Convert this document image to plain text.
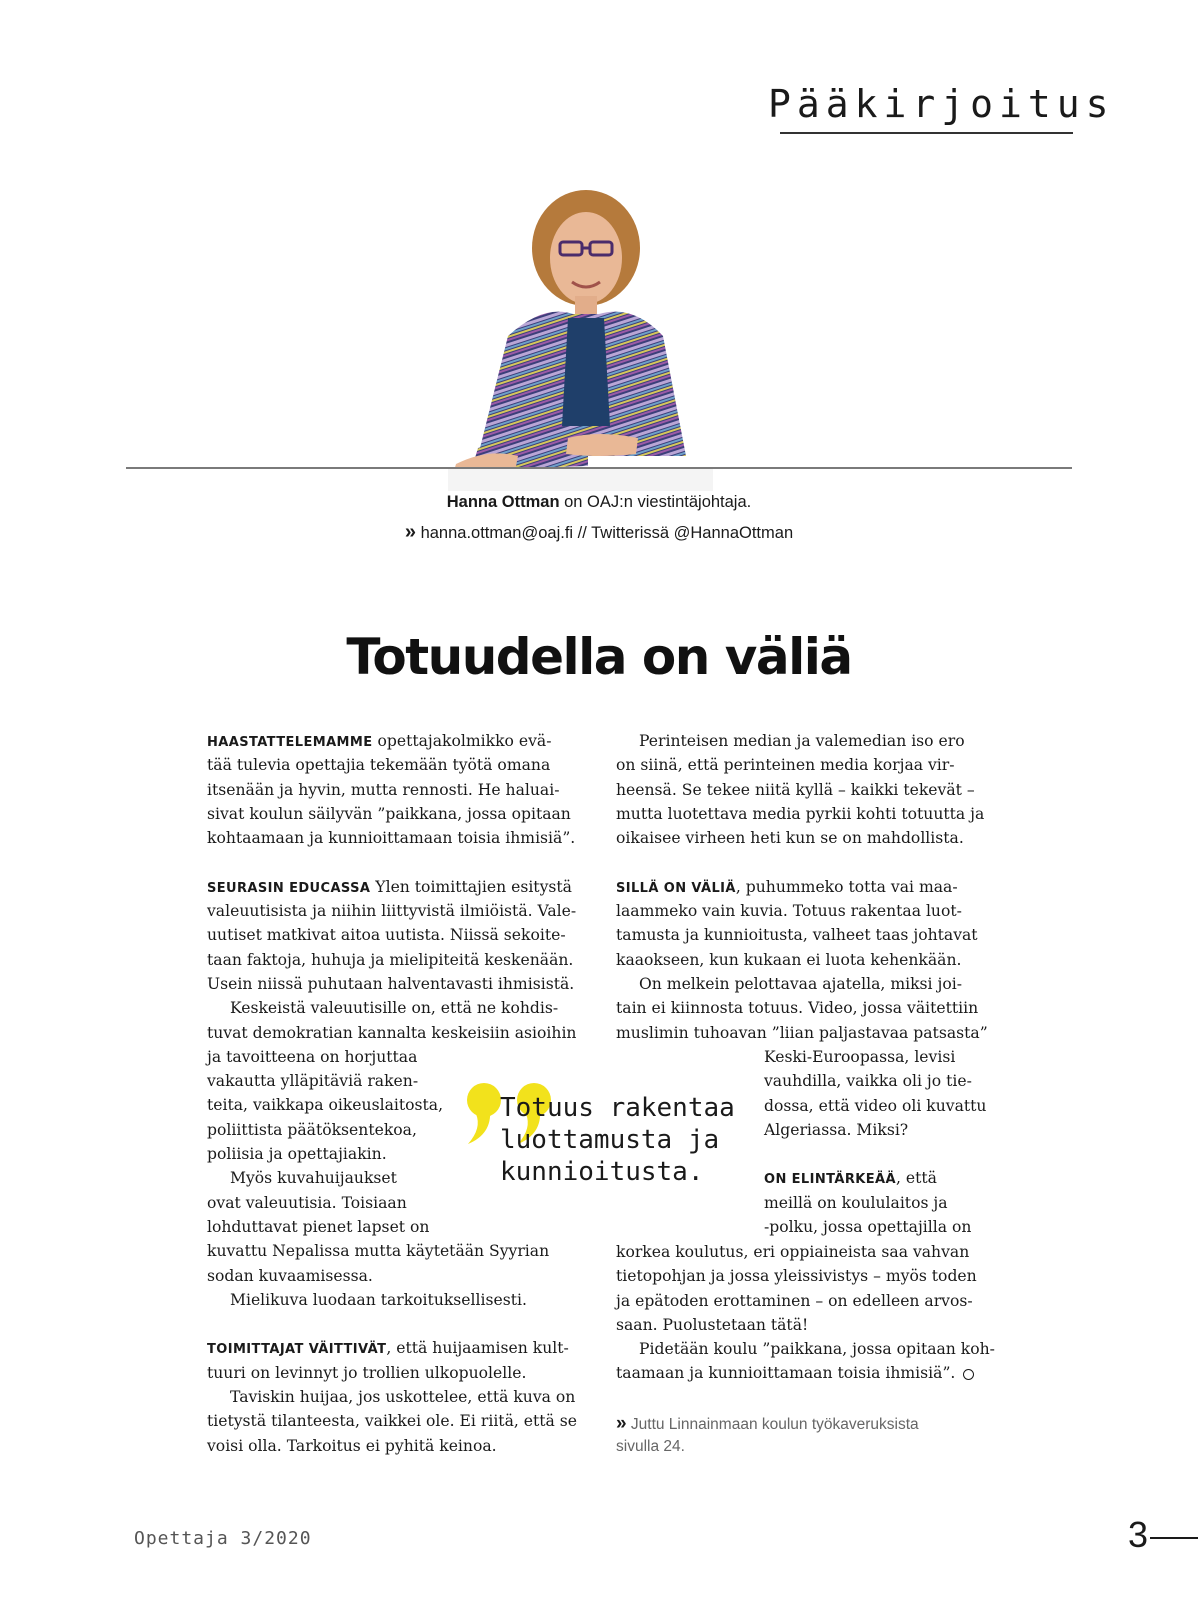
Pääkirjoitus
Hanna Ottman on OAJ:n viestintäjohtaja.
» hanna.ottman@oaj.fi // Twitterissä @HannaOttman
Totuudella on väliä
HAASTATTELEMAMME opettajakolmikko evä-
tää tulevia opettajia tekemään työtä omana
itsenään ja hyvin, mutta rennosti. He haluai-
sivat koulun säilyvän ”paikkana, jossa opitaan
kohtaamaan ja kunnioittamaan toisia ihmisiä”.
SEURASIN EDUCASSA Ylen toimittajien esitystä
valeuutisista ja niihin liittyvistä ilmiöistä. Vale-
uutiset matkivat aitoa uutista. Niissä sekoite-
taan faktoja, huhuja ja mielipiteitä keskenään.
Usein niissä puhutaan halventavasti ihmisistä.
Keskeistä valeuutisille on, että ne kohdis-
tuvat demokratian kannalta keskeisiin asioihin
ja tavoitteena on horjuttaa
vakautta ylläpitäviä raken-
teita, vaikkapa oikeuslaitosta,
poliittista päätöksentekoa,
poliisia ja opettajiakin.
Myös kuvahuijaukset
ovat valeuutisia. Toisiaan
lohduttavat pienet lapset on
kuvattu Nepalissa mutta käytetään Syyrian
sodan kuvaamisessa.
Mielikuva luodaan tarkoituksellisesti.
TOIMITTAJAT VÄITTIVÄT, että huijaamisen kult-
tuuri on levinnyt jo trollien ulkopuolelle.
Taviskin huijaa, jos uskottelee, että kuva on
tietystä tilanteesta, vaikkei ole. Ei riitä, että se
voisi olla. Tarkoitus ei pyhitä keinoa.
Perinteisen median ja valemedian iso ero
on siinä, että perinteinen media korjaa vir-
heensä. Se tekee niitä kyllä – kaikki tekevät –
mutta luotettava media pyrkii kohti totuutta ja
oikaisee virheen heti kun se on mahdollista.
SILLÄ ON VÄLIÄ, puhummeko totta vai maa-
laammeko vain kuvia. Totuus rakentaa luot-
tamusta ja kunnioitusta, valheet taas johtavat
kaaokseen, kun kukaan ei luota kehenkään.
On melkein pelottavaa ajatella, miksi joi-
tain ei kiinnosta totuus. Video, jossa väitettiin
muslimin tuhoavan ”liian paljastavaa patsasta”
Keski-Euroopassa, levisi
vauhdilla, vaikka oli jo tie-
dossa, että video oli kuvattu
Algeriassa. Miksi?
ON ELINTÄRKEÄÄ, että
meillä on koululaitos ja
-polku, jossa opettajilla on
korkea koulutus, eri oppiaineista saa vahvan
tietopohjan ja jossa yleissivistys – myös toden
ja epätoden erottaminen – on edelleen arvos-
saan. Puolustetaan tätä!
Pidetään koulu ”paikkana, jossa opitaan koh-
taamaan ja kunnioittamaan toisia ihmisiä”.
Totuus rakentaa
luottamusta ja
kunnioitusta.
» Juttu Linnainmaan koulun työkaveruksista
sivulla 24.
Opettaja 3/2020	3
